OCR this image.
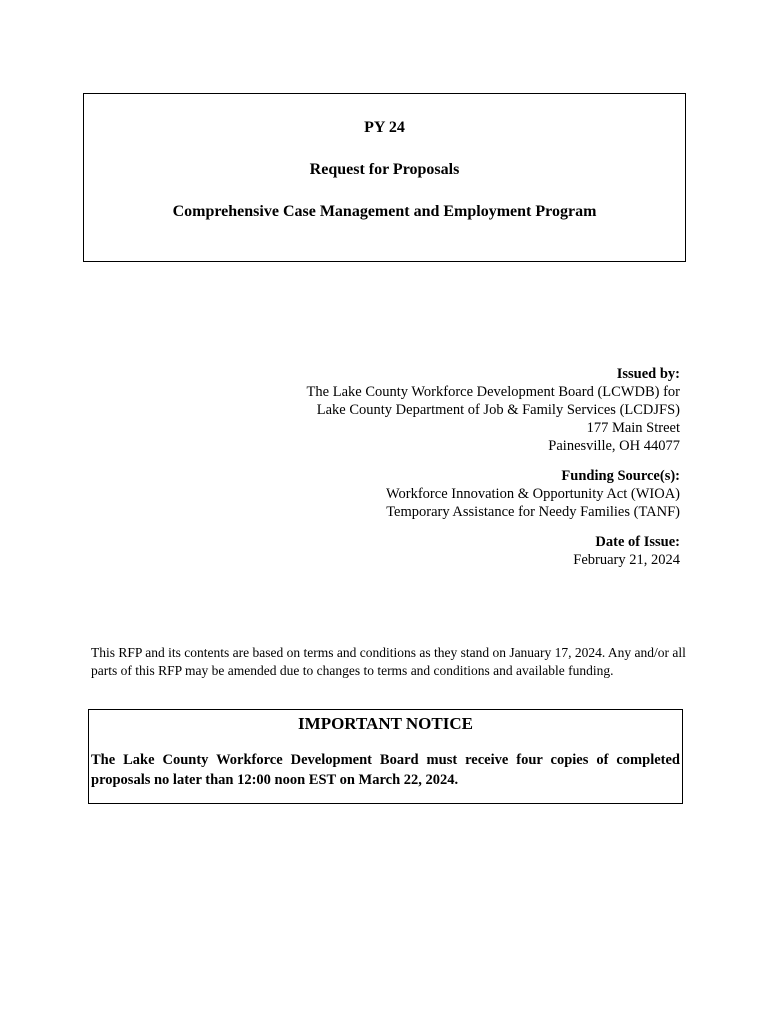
PY 24
Request for Proposals
Comprehensive Case Management and Employment Program
Issued by:
The Lake County Workforce Development Board (LCWDB) for
Lake County Department of Job & Family Services (LCDJFS)
177 Main Street
Painesville, OH 44077
Funding Source(s):
Workforce Innovation & Opportunity Act (WIOA)
Temporary Assistance for Needy Families (TANF)
Date of Issue:
February 21, 2024
This RFP and its contents are based on terms and conditions as they stand on January 17, 2024. Any and/or all parts of this RFP may be amended due to changes to terms and conditions and available funding.
IMPORTANT NOTICE
The Lake County Workforce Development Board must receive four copies of completed proposals no later than 12:00 noon EST on March 22, 2024.
